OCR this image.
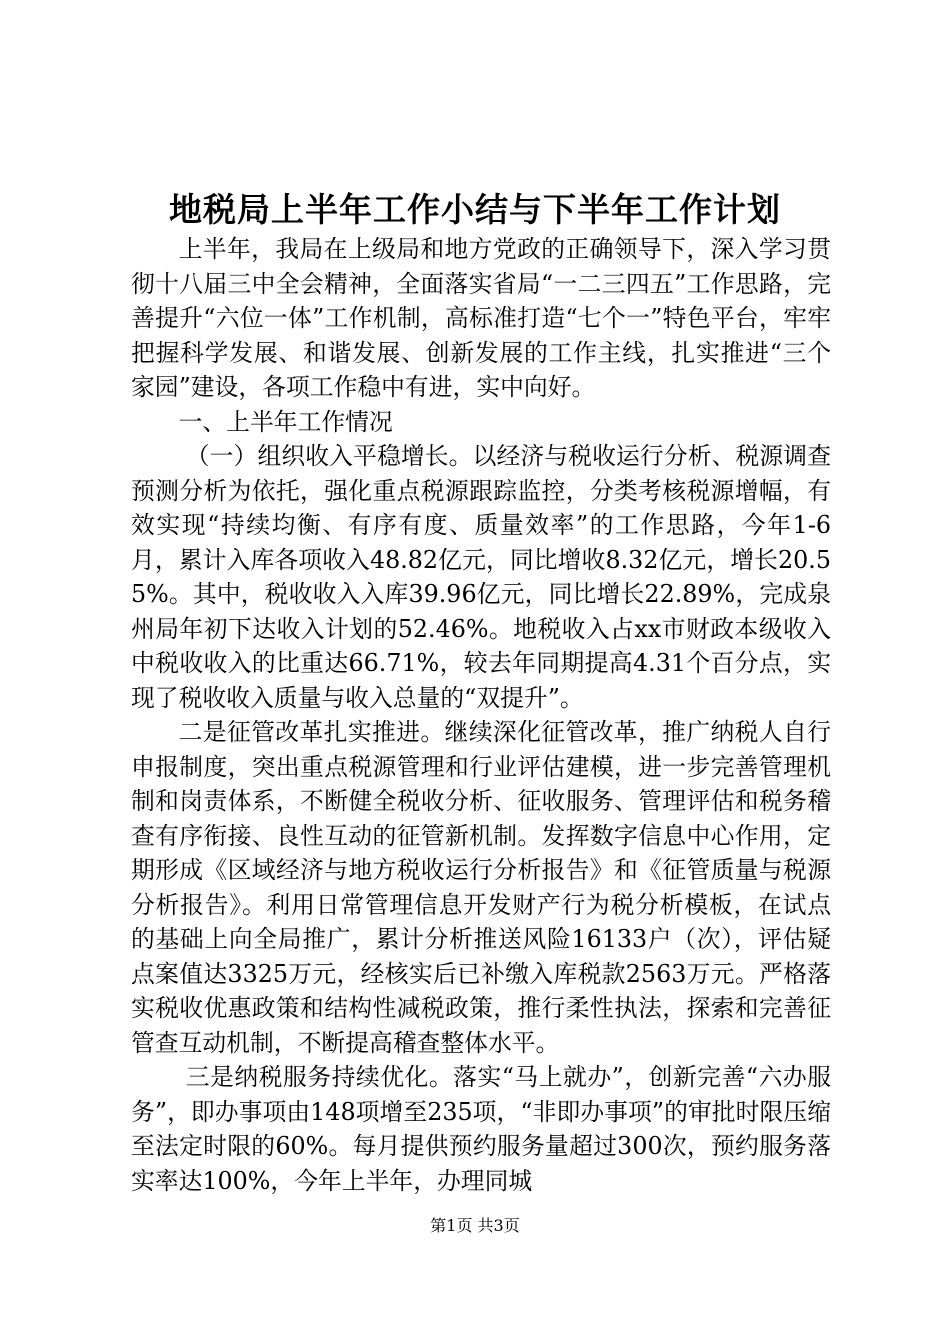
地税局上半年工作小结与下半年工作计划

上半年，我局在上级局和地方党政的正确领导下，深入学习贯彻十八届三中全会精神，全面落实省局“一二三四五”工作思路，完善提升“六位一体”工作机制，高标准打造“七个一”特色平台，牢牢把握科学发展、和谐发展、创新发展的工作主线，扎实推进“三个家园”建设，各项工作稳中有进，实中向好。

一、上半年工作情况

（一）组织收入平稳增长。以经济与税收运行分析、税源调查预测分析为依托，强化重点税源跟踪监控，分类考核税源增幅，有效实现“持续均衡、有序有度、质量效率”的工作思路，今年1-6月，累计入库各项收入48.82亿元，同比增收8.32亿元，增长20.55%。其中，税收收入入库39.96亿元，同比增长22.89%，完成泉州局年初下达收入计划的52.46%。地税收入占xx市财政本级收入中税收收入的比重达66.71%，较去年同期提高4.31个百分点，实现了税收收入质量与收入总量的“双提升”。

二是征管改革扎实推进。继续深化征管改革，推广纳税人自行申报制度，突出重点税源管理和行业评估建模，进一步完善管理机制和岗责体系，不断健全税收分析、征收服务、管理评估和税务稽查有序衔接、良性互动的征管新机制。发挥数字信息中心作用，定期形成《区域经济与地方税收运行分析报告》和《征管质量与税源分析报告》。利用日常管理信息开发财产行为税分析模板，在试点的基础上向全局推广，累计分析推送风险16133户（次），评估疑点案值达3325万元，经核实后已补缴入库税款2563万元。严格落实税收优惠政策和结构性减税政策，推行柔性执法，探索和完善征管查互动机制，不断提高稽查整体水平。

三是纳税服务持续优化。落实“马上就办”，创新完善“六办服务”，即办事项由148项增至235项，“非即办事项”的审批时限压缩至法定时限的60%。每月提供预约服务量超过300次，预约服务落实率达100%，今年上半年，办理同城

第1页 共3页
